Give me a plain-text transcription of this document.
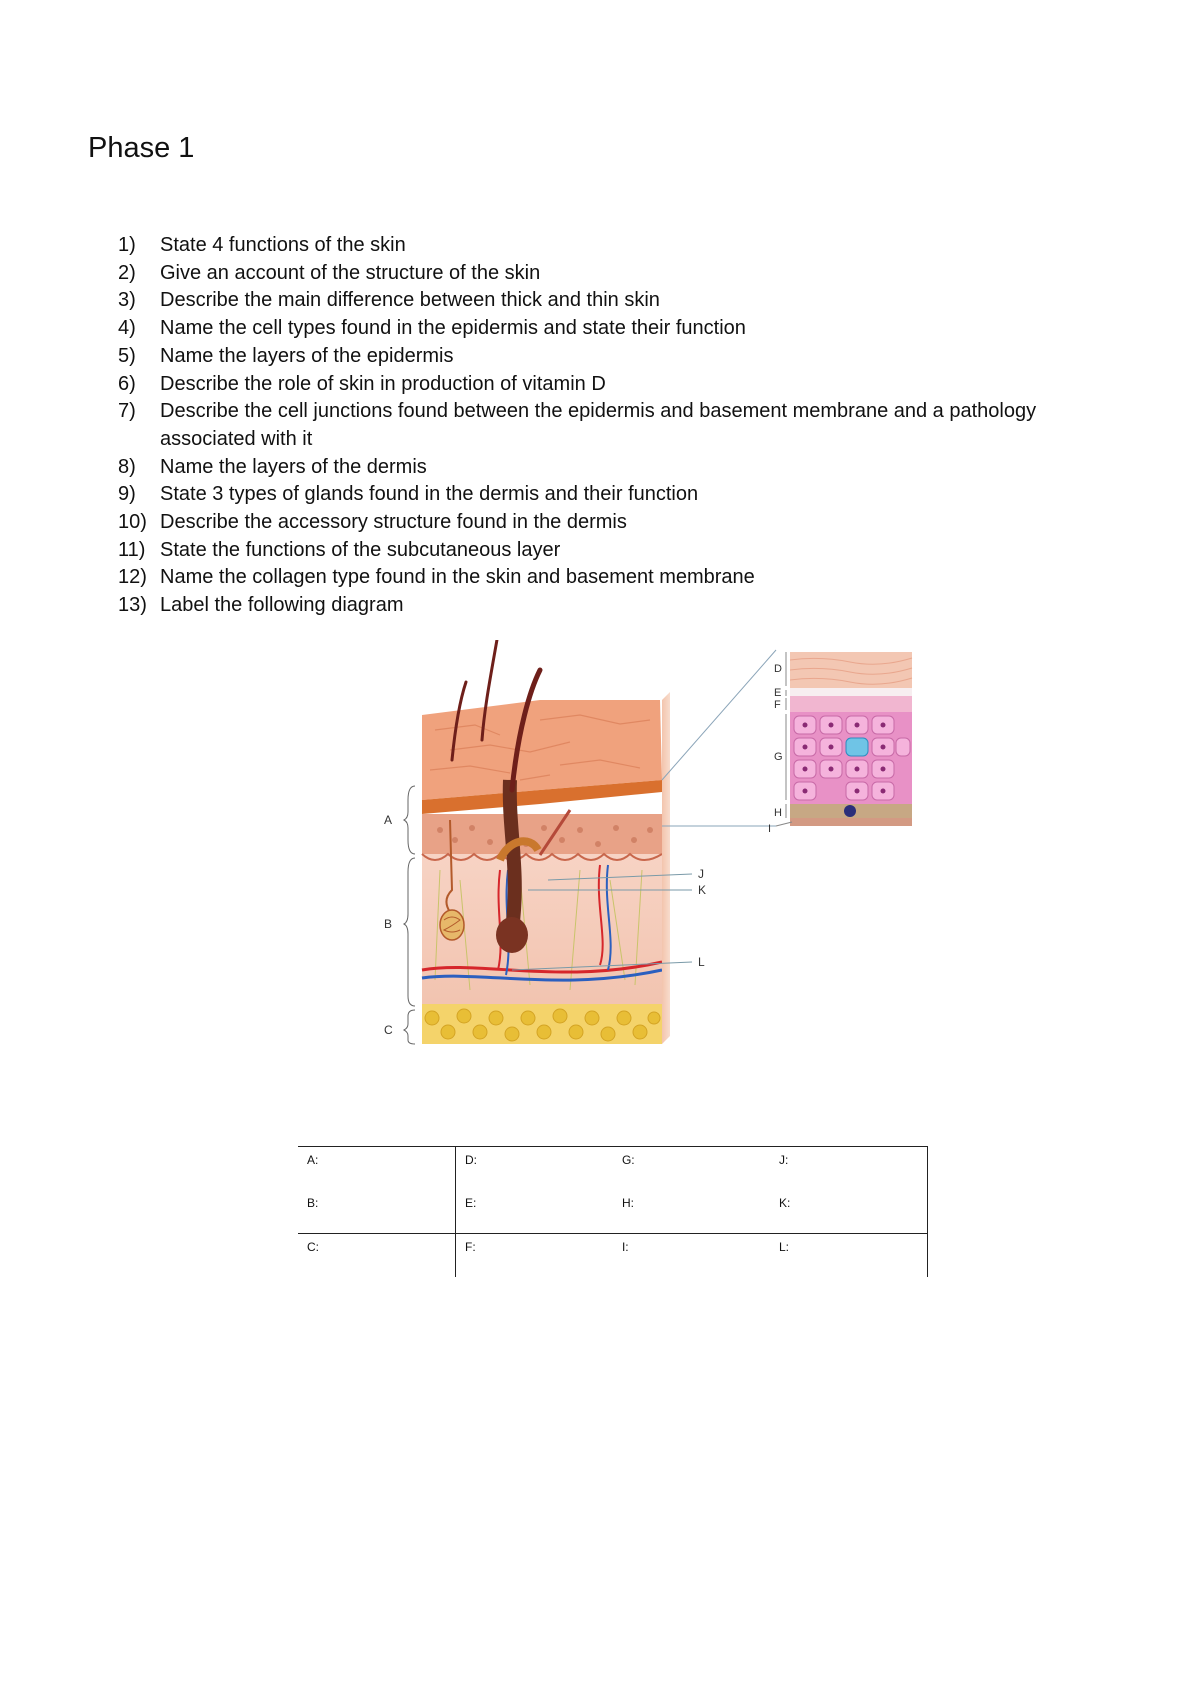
Phase 1
1) State 4 functions of the skin
2) Give an account of the structure of the skin
3) Describe the main difference between thick and thin skin
4) Name the cell types found in the epidermis and state their function
5) Name the layers of the epidermis
6) Describe the role of skin in production of vitamin D
7) Describe the cell junctions found between the epidermis and basement membrane and a pathology associated with it
8) Name the layers of the dermis
9) State 3 types of glands found in the dermis and their function
10) Describe the accessory structure found in the dermis
11) State the functions of the subcutaneous layer
12) Name the collagen type found in the skin and basement membrane
13) Label the following diagram
A
B
C
J
K
L
D
E
F
G
H
I
A:	D:	G:	J:
B:	E:	H:	K:
C:	F:	I:	L:
